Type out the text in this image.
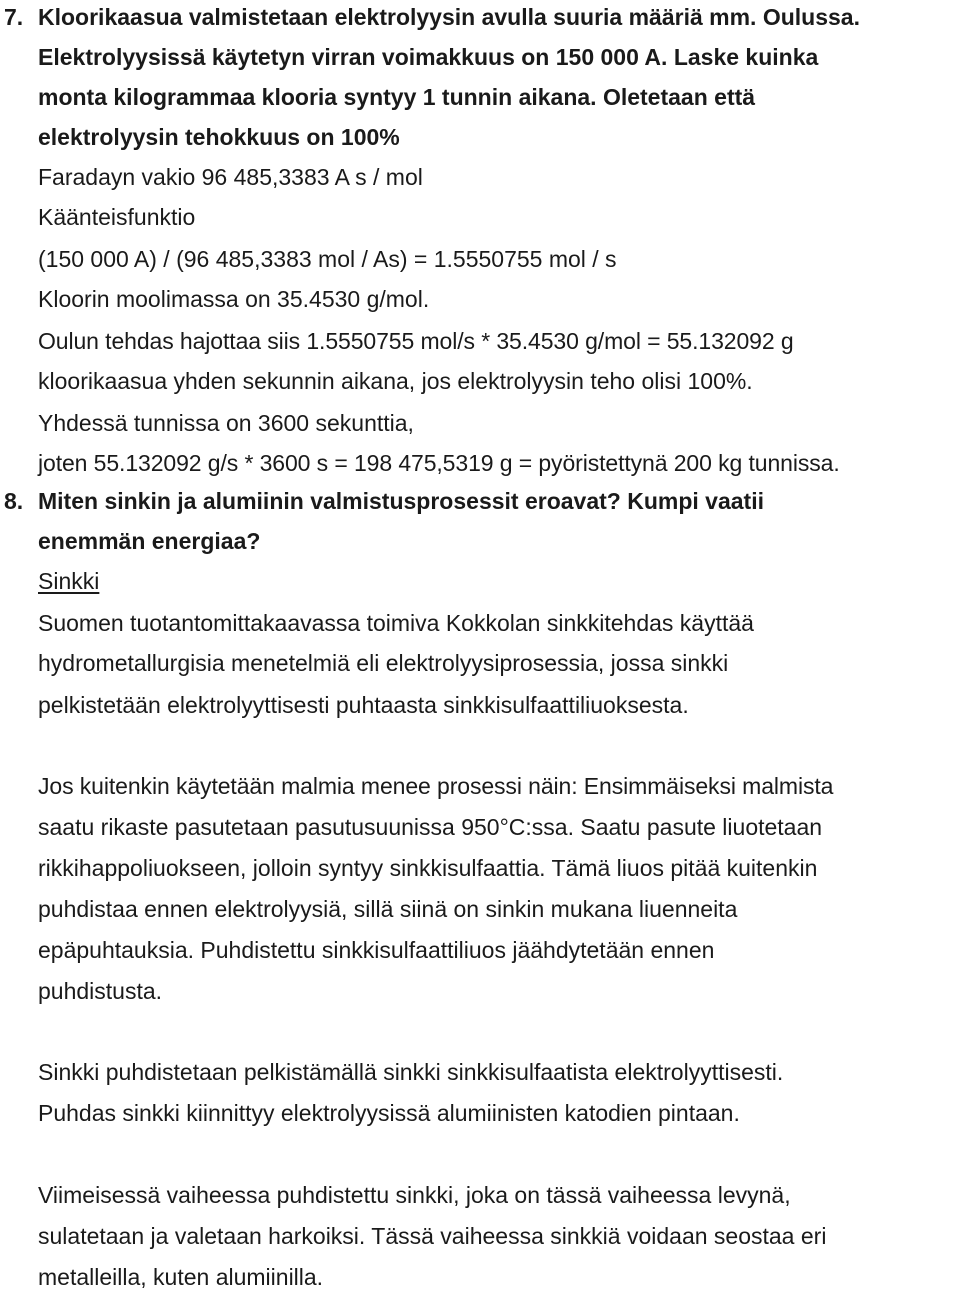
7. Kloorikaasua valmistetaan elektrolyysin avulla suuria määriä mm. Oulussa.
Elektrolyysissä käytetyn virran voimakkuus on 150 000 A. Laske kuinka
monta kilogrammaa klooria syntyy 1 tunnin aikana. Oletetaan että
elektrolyysin tehokkuus on 100%
Faradayn vakio 96 485,3383 A s / mol
Käänteisfunktio
(150 000 A) / (96 485,3383 mol / As) = 1.5550755 mol / s
Kloorin moolimassa on 35.4530 g/mol.
Oulun tehdas hajottaa siis 1.5550755 mol/s * 35.4530 g/mol = 55.132092 g
kloorikaasua yhden sekunnin aikana, jos elektrolyysin teho olisi 100%.
Yhdessä tunnissa on 3600 sekunttia,
joten 55.132092 g/s * 3600 s = 198 475,5319 g = pyöristettynä 200 kg tunnissa.
8. Miten sinkin ja alumiinin valmistusprosessit eroavat? Kumpi vaatii
enemmän energiaa?
Sinkki
Suomen tuotantomittakaavassa toimiva Kokkolan sinkkitehdas käyttää
hydrometallurgisia menetelmiä eli elektrolyysiprosessia, jossa sinkki
pelkistetään elektrolyyttisesti puhtaasta sinkkisulfaattiliuoksesta.
Jos kuitenkin käytetään malmia menee prosessi näin: Ensimmäiseksi malmista
saatu rikaste pasutetaan pasutusuunissa 950°C:ssa. Saatu pasute liuotetaan
rikkihappoliuokseen, jolloin syntyy sinkkisulfaattia. Tämä liuos pitää kuitenkin
puhdistaa ennen elektrolyysiä, sillä siinä on sinkin mukana liuenneita
epäpuhtauksia. Puhdistettu sinkkisulfaattiliuos jäähdytetään ennen
puhdistusta.
Sinkki puhdistetaan pelkistämällä sinkki sinkkisulfaatista elektrolyyttisesti.
Puhdas sinkki kiinnittyy elektrolyysissä alumiinisten katodien pintaan.
Viimeisessä vaiheessa puhdistettu sinkki, joka on tässä vaiheessa levynä,
sulatetaan ja valetaan harkoiksi. Tässä vaiheessa sinkkiä voidaan seostaa eri
metalleilla, kuten alumiinilla.
